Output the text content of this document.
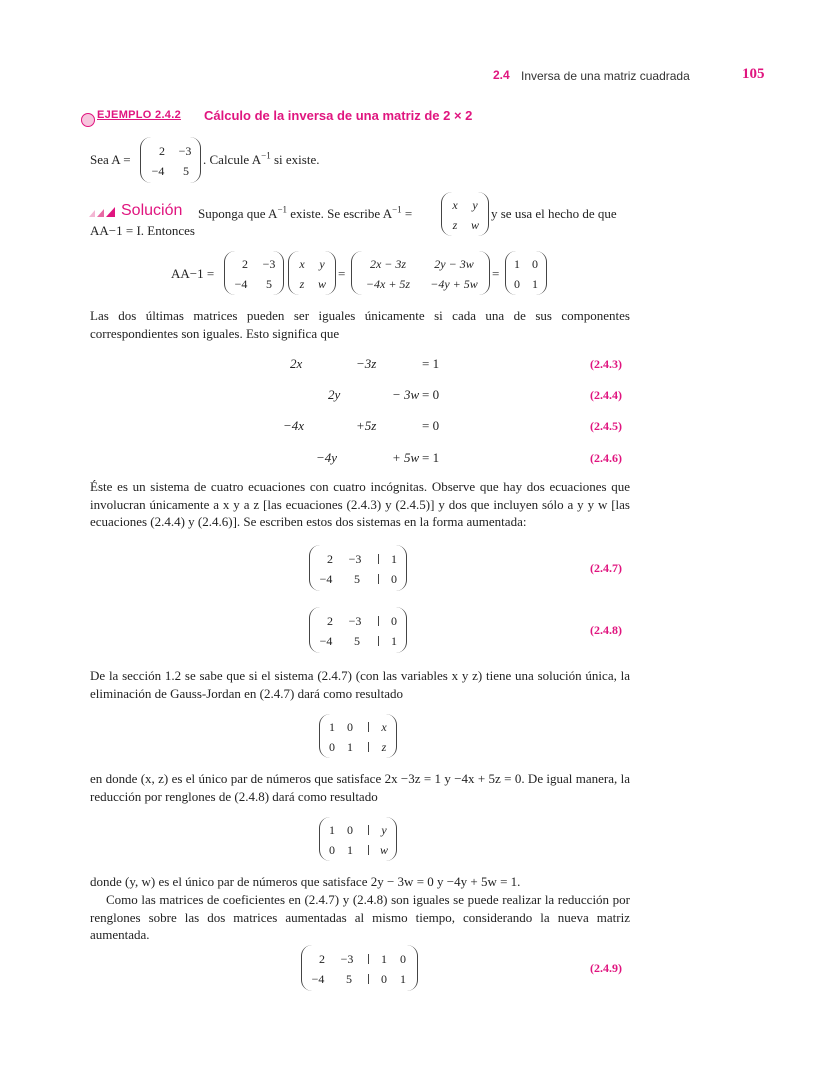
2.4 Inversa de una matriz cuadrada	105
EJEMPLO 2.4.2 Cálculo de la inversa de una matriz de 2 × 2
Sea A =
2	−3
−4	5
. Calcule $A^{-1}$ si existe.
Solución Suponga que $A^{-1}$ existe. Se escribe $A^{-1}$ =
x	y
z	w
y se usa el hecho de que
AA−1 = I. Entonces
AA−1 =
2	−3
−4	5
x	y
z	w
=
2x − 3z	2y − 3w
−4x + 5z	−4y + 5w
=
1 0
0 1
Las dos últimas matrices pueden ser iguales únicamente si cada una de sus componentes correspondientes son iguales. Esto significa que
2x	−3z	= 1	(2.4.3)
2y	− 3w = 0	(2.4.4)
−4x	+5z	= 0	(2.4.5)
−4y	+ 5w = 1	(2.4.6)
Éste es un sistema de cuatro ecuaciones con cuatro incógnitas. Observe que hay dos ecuaciones que involucran únicamente a x y a z [las ecuaciones (2.4.3) y (2.4.5)] y dos que incluyen sólo a y y w [las ecuaciones (2.4.4) y (2.4.6)]. Se escriben estos dos sistemas en la forma aumentada:
2	−3	1
−4	5	0
(2.4.7)
2	−3	0
−4	5	1
(2.4.8)
De la sección 1.2 se sabe que si el sistema (2.4.7) (con las variables x y z) tiene una solución única, la eliminación de Gauss-Jordan en (2.4.7) dará como resultado
1 0 x
0 1	z
en donde (x, z) es el único par de números que satisface 2x −3z = 1 y −4x + 5z = 0. De igual manera, la reducción por renglones de (2.4.8) dará como resultado
1 0 y
0 1 w
donde (y, w) es el único par de números que satisface 2y − 3w = 0 y −4y + 5w = 1.
Como las matrices de coeficientes en (2.4.7) y (2.4.8) son iguales se puede realizar la reducción por renglones sobre las dos matrices aumentadas al mismo tiempo, considerando la nueva matriz aumentada.
2	−3	1 0
−4	5	0 1
(2.4.9)
